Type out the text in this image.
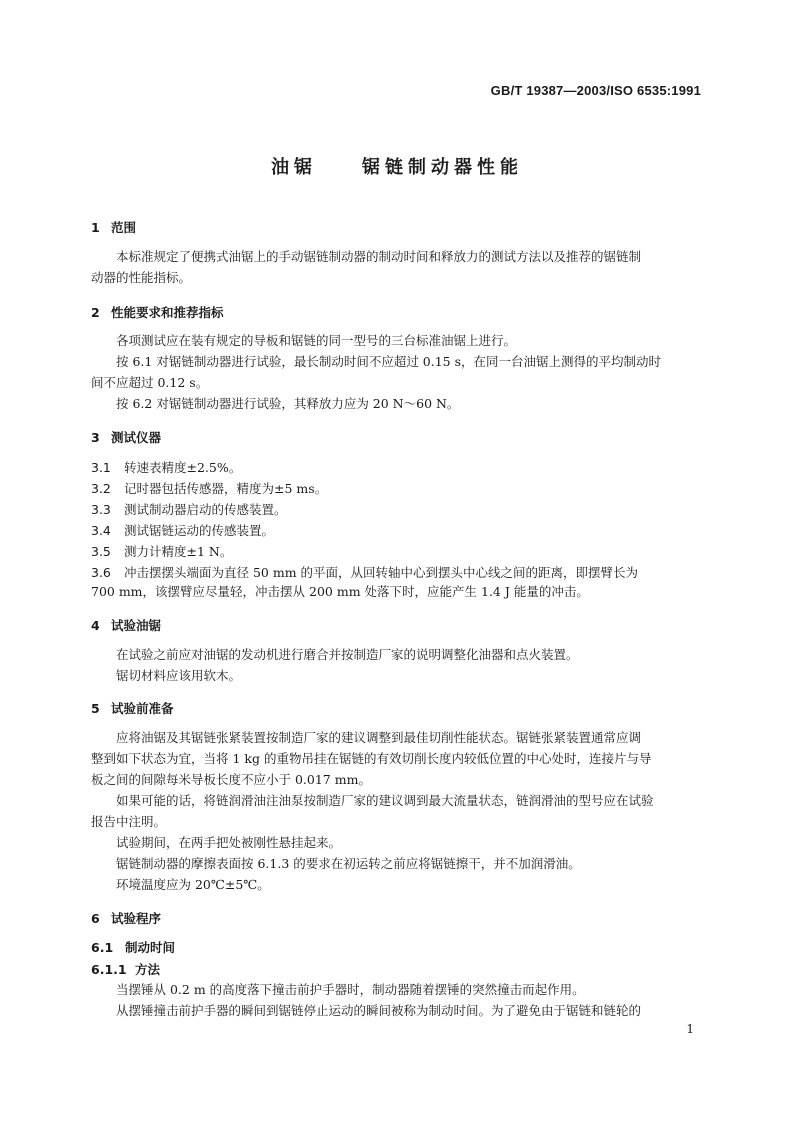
GB/T 19387—2003/ISO 6535:1991
油锯    锯链制动器性能
1 范围
本标准规定了便携式油锯上的手动锯链制动器的制动时间和释放力的测试方法以及推荐的锯链制
动器的性能指标。
2 性能要求和推荐指标
各项测试应在装有规定的导板和锯链的同一型号的三台标准油锯上进行。
按 6.1 对锯链制动器进行试验，最长制动时间不应超过 0.15 s，在同一台油锯上测得的平均制动时
间不应超过 0.12 s。
按 6.2 对锯链制动器进行试验，其释放力应为 20 N～60 N。
3 测试仪器
3.1 转速表精度±2.5%。
3.2 记时器包括传感器，精度为±5 ms。
3.3 测试制动器启动的传感装置。
3.4 测试锯链运动的传感装置。
3.5 测力计精度±1 N。
3.6 冲击摆摆头端面为直径 50 mm 的平面，从回转轴中心到摆头中心线之间的距离，即摆臂长为
700 mm，该摆臂应尽量轻，冲击摆从 200 mm 处落下时，应能产生 1.4 J 能量的冲击。
4 试验油锯
在试验之前应对油锯的发动机进行磨合并按制造厂家的说明调整化油器和点火装置。
锯切材料应该用软木。
5 试验前准备
应将油锯及其锯链张紧装置按制造厂家的建议调整到最佳切削性能状态。锯链张紧装置通常应调
整到如下状态为宜，当将 1 kg 的重物吊挂在锯链的有效切削长度内较低位置的中心处时，连接片与导
板之间的间隙每米导板长度不应小于 0.017 mm。
如果可能的话，将链润滑油注油泵按制造厂家的建议调到最大流量状态，链润滑油的型号应在试验
报告中注明。
试验期间，在两手把处被刚性悬挂起来。
锯链制动器的摩擦表面按 6.1.3 的要求在初运转之前应将锯链擦干，并不加润滑油。
环境温度应为 20℃±5℃。
6 试验程序
6.1 制动时间
6.1.1 方法
当摆锤从 0.2 m 的高度落下撞击前护手器时，制动器随着摆锤的突然撞击而起作用。
从摆锤撞击前护手器的瞬间到锯链停止运动的瞬间被称为制动时间。为了避免由于锯链和链轮的
1
